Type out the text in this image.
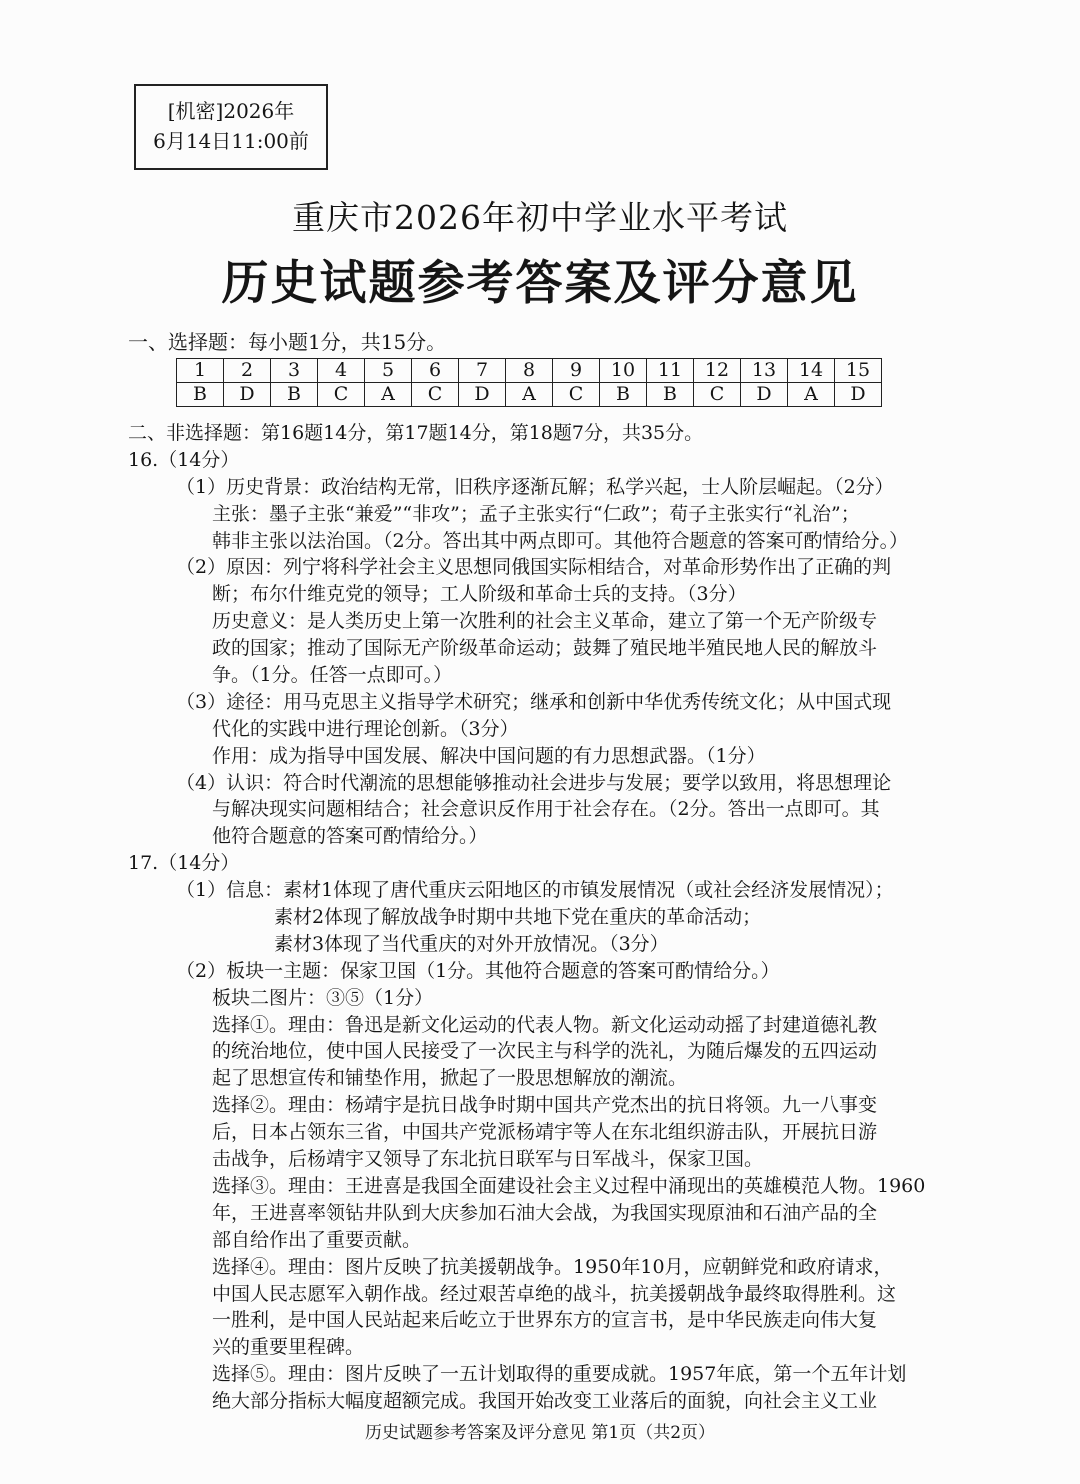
[机密]2026年
6月14日11:00前
重庆市2026年初中学业水平考试
历史试题参考答案及评分意见
一、选择题：每小题1分，共15分。
1	2	3	4	5	6	7	8	9	10	11	12	13	14	15
B	D	B	C	A	C	D	A	C	B	B	C	D	A	D
二、非选择题：第16题14分，第17题14分，第18题7分，共35分。
16.（14分）
（1）历史背景：政治结构无常，旧秩序逐渐瓦解；私学兴起，士人阶层崛起。（2分）
主张：墨子主张“兼爱”“非攻”；孟子主张实行“仁政”；荀子主张实行“礼治”；
韩非主张以法治国。（2分。答出其中两点即可。其他符合题意的答案可酌情给分。）
（2）原因：列宁将科学社会主义思想同俄国实际相结合，对革命形势作出了正确的判
断；布尔什维克党的领导；工人阶级和革命士兵的支持。（3分）
历史意义：是人类历史上第一次胜利的社会主义革命，建立了第一个无产阶级专
政的国家；推动了国际无产阶级革命运动；鼓舞了殖民地半殖民地人民的解放斗
争。（1分。任答一点即可。）
（3）途径：用马克思主义指导学术研究；继承和创新中华优秀传统文化；从中国式现
代化的实践中进行理论创新。（3分）
作用：成为指导中国发展、解决中国问题的有力思想武器。（1分）
（4）认识：符合时代潮流的思想能够推动社会进步与发展；要学以致用，将思想理论
与解决现实问题相结合；社会意识反作用于社会存在。（2分。答出一点即可。其
他符合题意的答案可酌情给分。）
17.（14分）
（1）信息：素材1体现了唐代重庆云阳地区的市镇发展情况（或社会经济发展情况）；
素材2体现了解放战争时期中共地下党在重庆的革命活动；
素材3体现了当代重庆的对外开放情况。（3分）
（2）板块一主题：保家卫国（1分。其他符合题意的答案可酌情给分。）
板块二图片：③⑤（1分）
选择①。理由：鲁迅是新文化运动的代表人物。新文化运动动摇了封建道德礼教
的统治地位，使中国人民接受了一次民主与科学的洗礼，为随后爆发的五四运动
起了思想宣传和铺垫作用，掀起了一股思想解放的潮流。
选择②。理由：杨靖宇是抗日战争时期中国共产党杰出的抗日将领。九一八事变
后，日本占领东三省，中国共产党派杨靖宇等人在东北组织游击队，开展抗日游
击战争，后杨靖宇又领导了东北抗日联军与日军战斗，保家卫国。
选择③。理由：王进喜是我国全面建设社会主义过程中涌现出的英雄模范人物。1960
年，王进喜率领钻井队到大庆参加石油大会战，为我国实现原油和石油产品的全
部自给作出了重要贡献。
选择④。理由：图片反映了抗美援朝战争。1950年10月，应朝鲜党和政府请求，
中国人民志愿军入朝作战。经过艰苦卓绝的战斗，抗美援朝战争最终取得胜利。这
一胜利，是中国人民站起来后屹立于世界东方的宣言书，是中华民族走向伟大复
兴的重要里程碑。
选择⑤。理由：图片反映了一五计划取得的重要成就。1957年底，第一个五年计划
绝大部分指标大幅度超额完成。我国开始改变工业落后的面貌，向社会主义工业
历史试题参考答案及评分意见 第1页（共2页）
